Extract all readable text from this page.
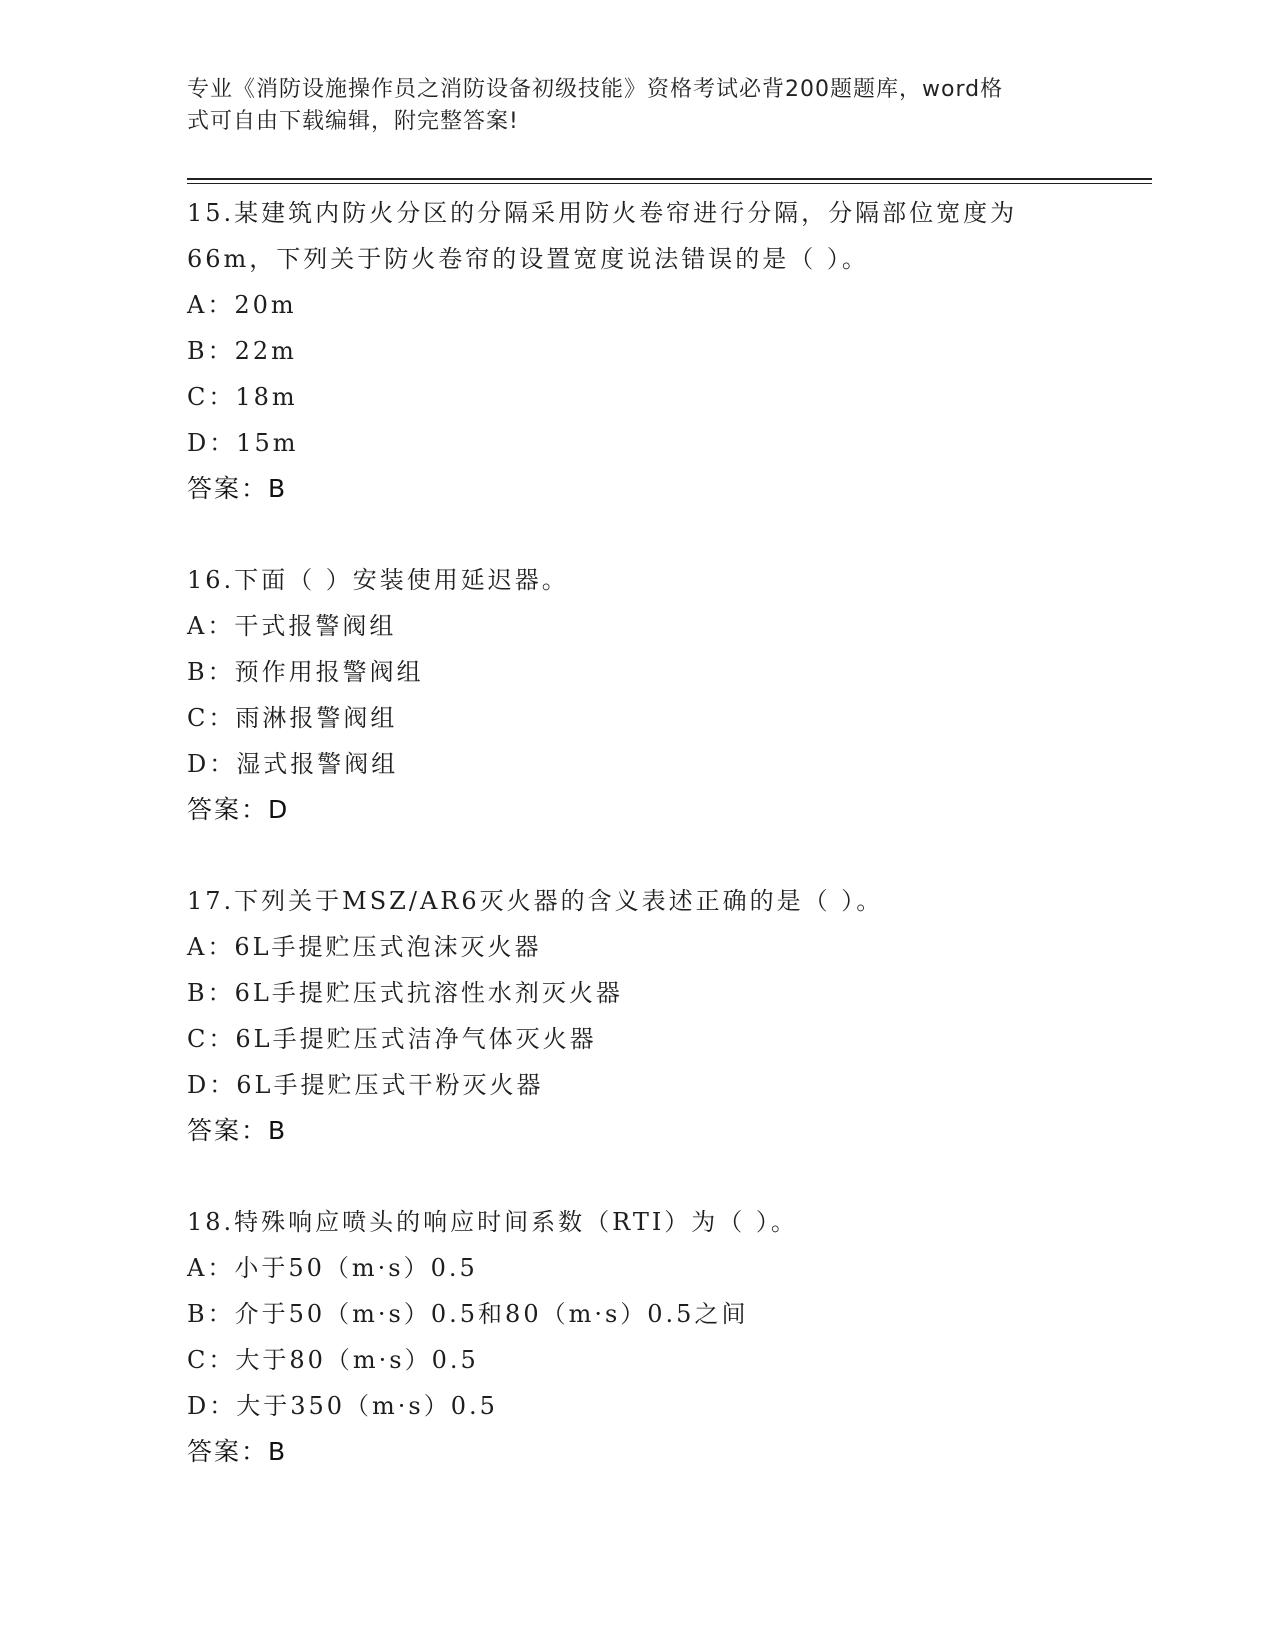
专业《消防设施操作员之消防设备初级技能》资格考试必背200题题库，word格
式可自由下载编辑，附完整答案!
15.某建筑内防火分区的分隔采用防火卷帘进行分隔，分隔部位宽度为
66m，下列关于防火卷帘的设置宽度说法错误的是（ ）。
A：20m
B：22m
C：18m
D：15m
答案：B
16.下面（ ）安装使用延迟器。
A：干式报警阀组
B：预作用报警阀组
C：雨淋报警阀组
D：湿式报警阀组
答案：D
17.下列关于MSZ/AR6灭火器的含义表述正确的是（ ）。
A：6L手提贮压式泡沫灭火器
B：6L手提贮压式抗溶性水剂灭火器
C：6L手提贮压式洁净气体灭火器
D：6L手提贮压式干粉灭火器
答案：B
18.特殊响应喷头的响应时间系数（RTI）为（ ）。
A：小于50（m·s）0.5
B：介于50（m·s）0.5和80（m·s）0.5之间
C：大于80（m·s）0.5
D：大于350（m·s）0.5
答案：B
